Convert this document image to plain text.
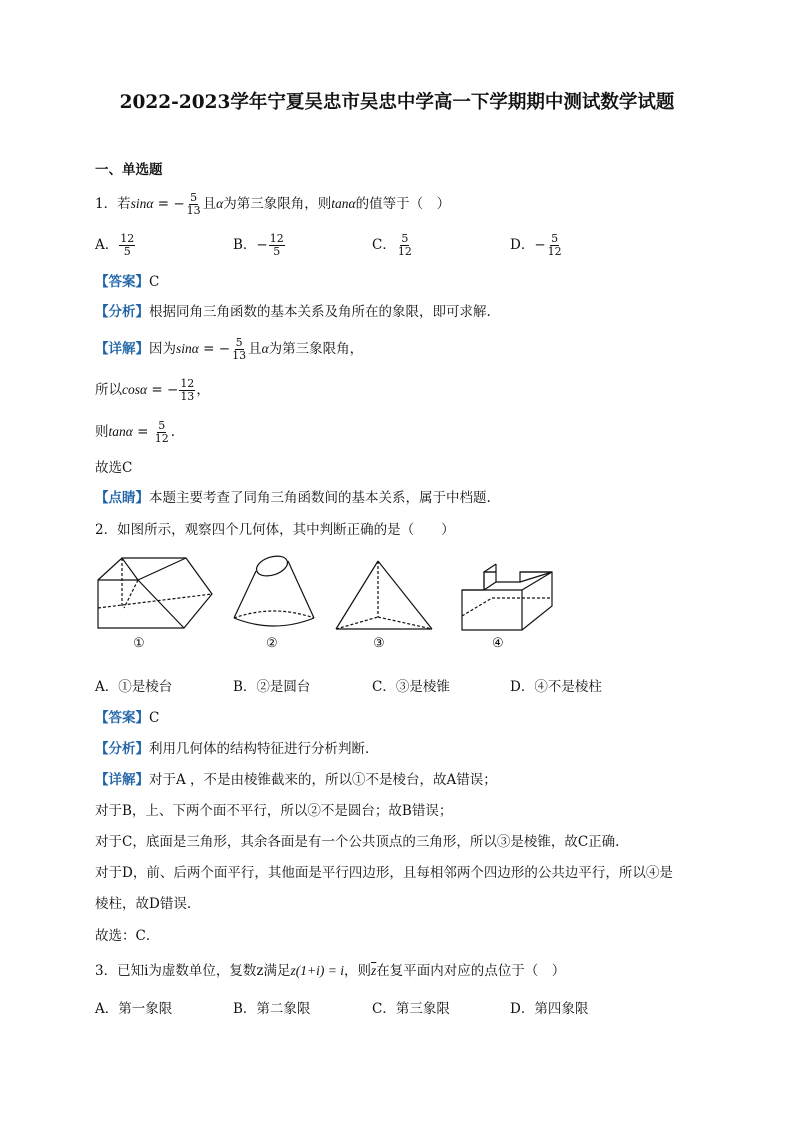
2022-2023学年宁夏吴忠市吴忠中学高一下学期期中测试数学试题
一、单选题
1．若sinα = − $\frac{5}{13}$ 且α为第三象限角，则tanα的值等于（　）
A． $\frac{12}{5}$	B．− $\frac{12}{5}$	C． $\frac{5}{12}$	D．− $\frac{5}{12}$
【答案】C
【分析】根据同角三角函数的基本关系及角所在的象限，即可求解.
【详解】因为sinα = − $\frac{5}{13}$ 且α为第三象限角，
所以cosα = − $\frac{12}{13}$ ，
则$\tan\alpha = \frac{5}{12}$ .
故选C
【点睛】本题主要考查了同角三角函数间的基本关系，属于中档题.
2．如图所示，观察四个几何体，其中判断正确的是（　　）
①	②	③	④
A．①是棱台	B．②是圆台	C．③是棱锥	D．④不是棱柱
【答案】C
【分析】利用几何体的结构特征进行分析判断．
【详解】对于A ，不是由棱锥截来的，所以①不是棱台，故A错误；
对于B，上、下两个面不平行，所以②不是圆台；故B错误；
对于C，底面是三角形，其余各面是有一个公共顶点的三角形，所以③是棱锥，故C正确.
对于D，前、后两个面平行，其他面是平行四边形，且每相邻两个四边形的公共边平行，所以④是
棱柱，故D错误.
故选：C．
3．已知i为虚数单位，复数z满足z(1+i) = i，则$\overline{z}$在复平面内对应的点位于（　）
A．第一象限	B．第二象限	C．第三象限	D．第四象限
